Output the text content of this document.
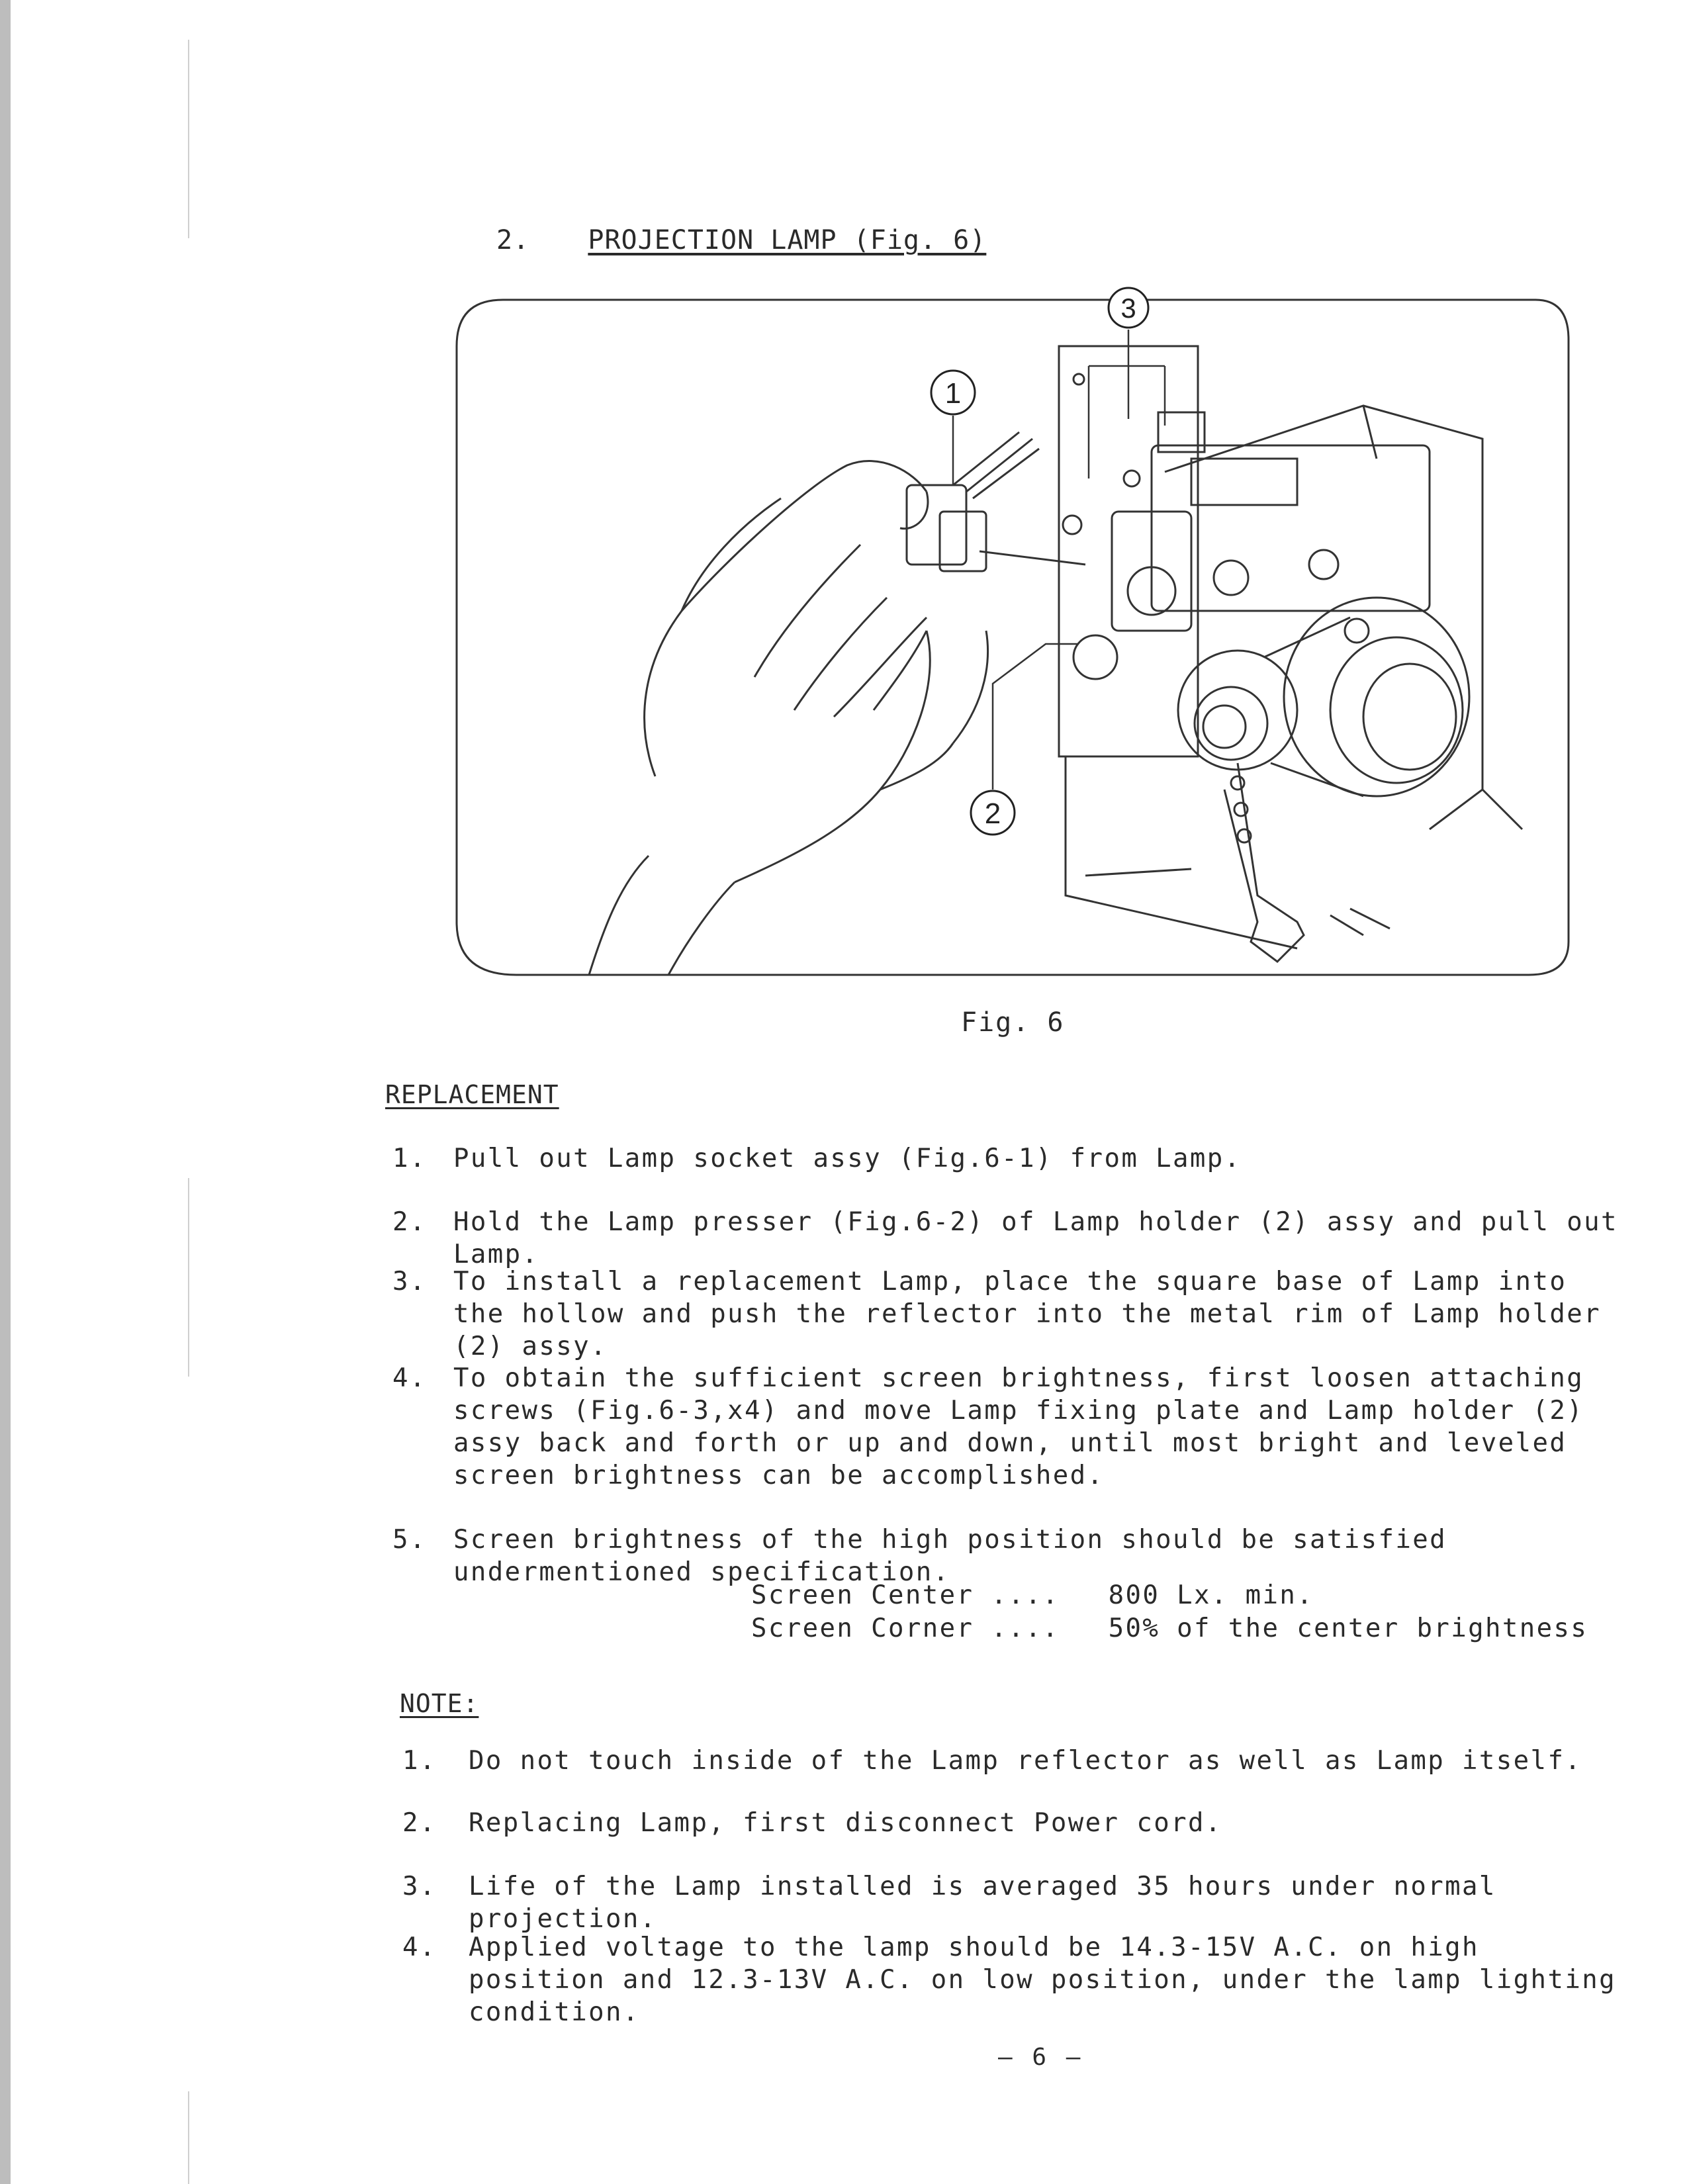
2. PROJECTION LAMP (Fig. 6)
1
2
3
Fig. 6
REPLACEMENT
1. Pull out Lamp socket assy (Fig.6-1) from Lamp.
2. Hold the Lamp presser (Fig.6-2) of Lamp holder (2) assy and pull out Lamp.
3. To install a replacement Lamp, place the square base of Lamp into the hollow and push the reflector into the metal rim of Lamp holder (2) assy.
4. To obtain the sufficient screen brightness, first loosen attaching screws (Fig.6-3,x4) and move Lamp fixing plate and Lamp holder (2) assy back and forth or up and down, until most bright and leveled screen brightness can be accomplished.
5. Screen brightness of the high position should be satisfied undermentioned specification.
Screen Center .... 800 Lx. min.
Screen Corner .... 50% of the center brightness
NOTE:
1. Do not touch inside of the Lamp reflector as well as Lamp itself.
2. Replacing Lamp, first disconnect Power cord.
3. Life of the Lamp installed is averaged 35 hours under normal projection.
4. Applied voltage to the lamp should be 14.3-15V A.C. on high position and 12.3-13V A.C. on low position, under the lamp lighting condition.
— 6 —
